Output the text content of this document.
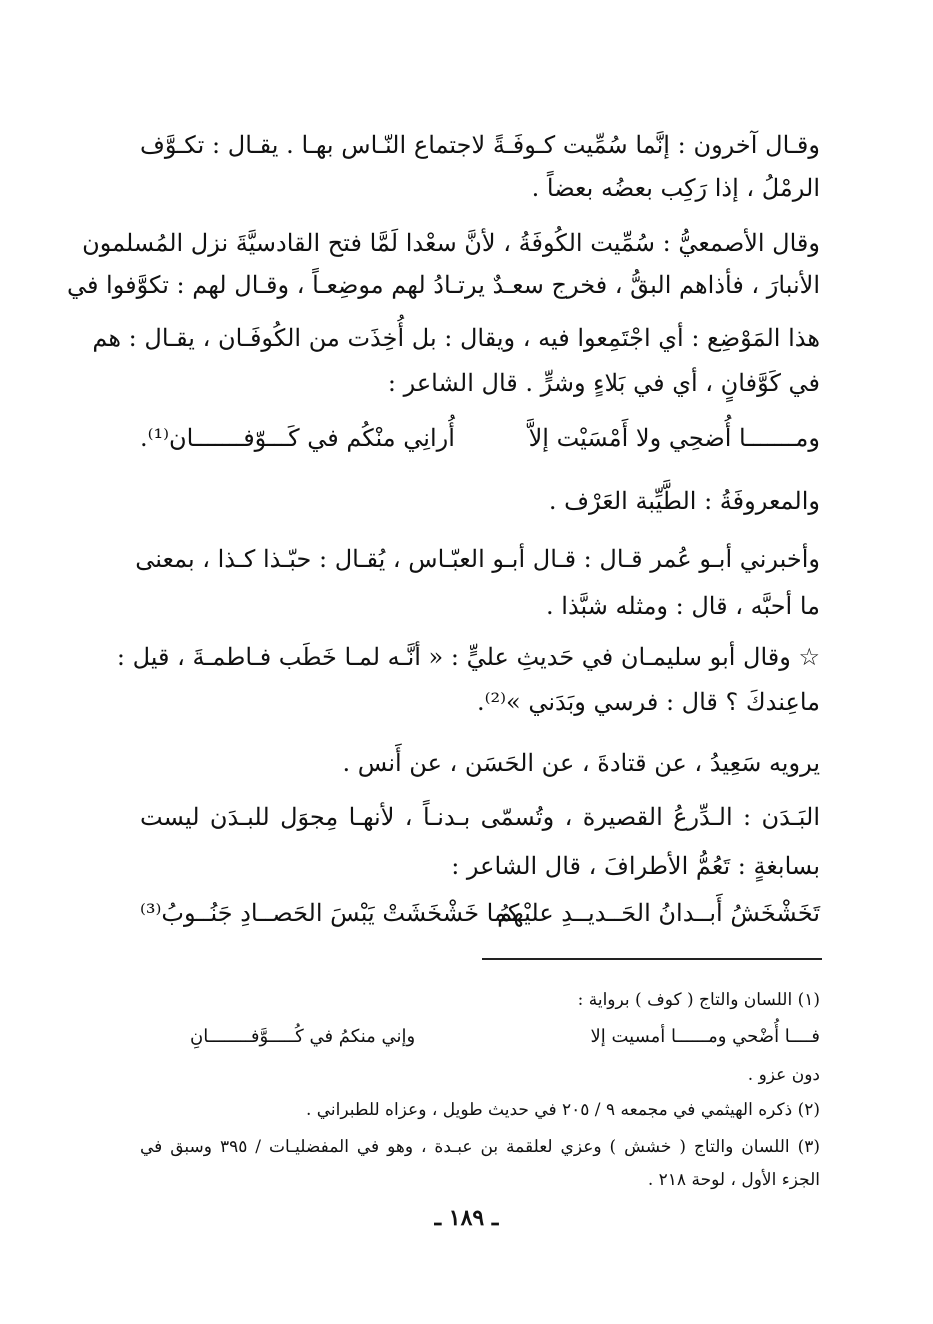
وقـال آخرون : إنَّما سُمِّيت كـوفَـةً لاجتماع النّـاس بهـا . يقـال : تكـوَّف
الرمْلُ ، إذا رَكِب بعضُه بعضاً .
وقال الأصمعيُّ : سُمِّيت الكُوفَةُ ، لأنَّ سعْدا لَمَّا فتح القادسيَّةَ نزل المُسلمون
الأنبارَ ، فأذاهم البقُّ ، فخرج سعـدٌ يرتـادُ لهم موضِعـاً ، وقـال لهم : تكوَّفوا في
هذا المَوْضِع : أي اجْتَمِعوا فيه ، ويقال : بل أُخِذَت من الكُوفَـان ، يقـال : هم
في كَوَّفانٍ ، أي في بَلاءٍ وشرٍّ . قال الشاعر :
ومـــــــا أُضحِي ولا أَمْسَيْت إلاَّ
أُرانِي منْكُم في كَـــوّفـــــــان⁽¹⁾.
والمعروفَةُ : الطَّيِّبة العَرْف .
وأخبرني أبـو عُمر قـال : قـال أبـو العبّـاس ، يُقـال : حبّـذا كـذا ، بمعنى
ما أحبَّه ، قال : ومثله شبَّذا .
☆ وقال أبو سليمـان في حَديثِ عليٍّ : « أنَّـه لمـا خَطَب فـاطمـةَ ، قيل :
ماعِندكَ ؟ قال : فرسي وبَدَني »⁽²⁾.
يرويه سَعِيدُ ، عن قتادةَ ، عن الحَسَن ، عن أَنس .
البَـدَن : الـدِّرعُ القصيرة ، وتُسمّى بـدنـاً ، لأنهـا مِجوَل للبـدَن ليست
بسابغةٍ : تَعُمُّ الأطرافَ ، قال الشاعر :
تَخَشْخَشُ أَبــدانُ الحَــديــدِ عليْهمُ
كما خَشْخَشَتْ يَبْسَ الحَصــادِ جَنُــوبُ⁽³⁾
(١) اللسان والتاج ( كوف ) برواية :
فــــا أُضْحي ومــــــا أمسيت إلا
وإني منكمُ في كُـــــوَّفــــــــانِ
دون عزو .
(٢) ذكره الهيثمي في مجمعه ٩ / ٢٠٥ في حديث طويل ، وعزاه للطبراني .
(٣) اللسان والتاج ( خشش ) وعزي لعلقمة بن عبـدة ، وهو في المفضليـات / ٣٩٥ وسبق في
الجزء الأول ، لوحة ٢١٨ .
ـ ١٨٩ ـ
